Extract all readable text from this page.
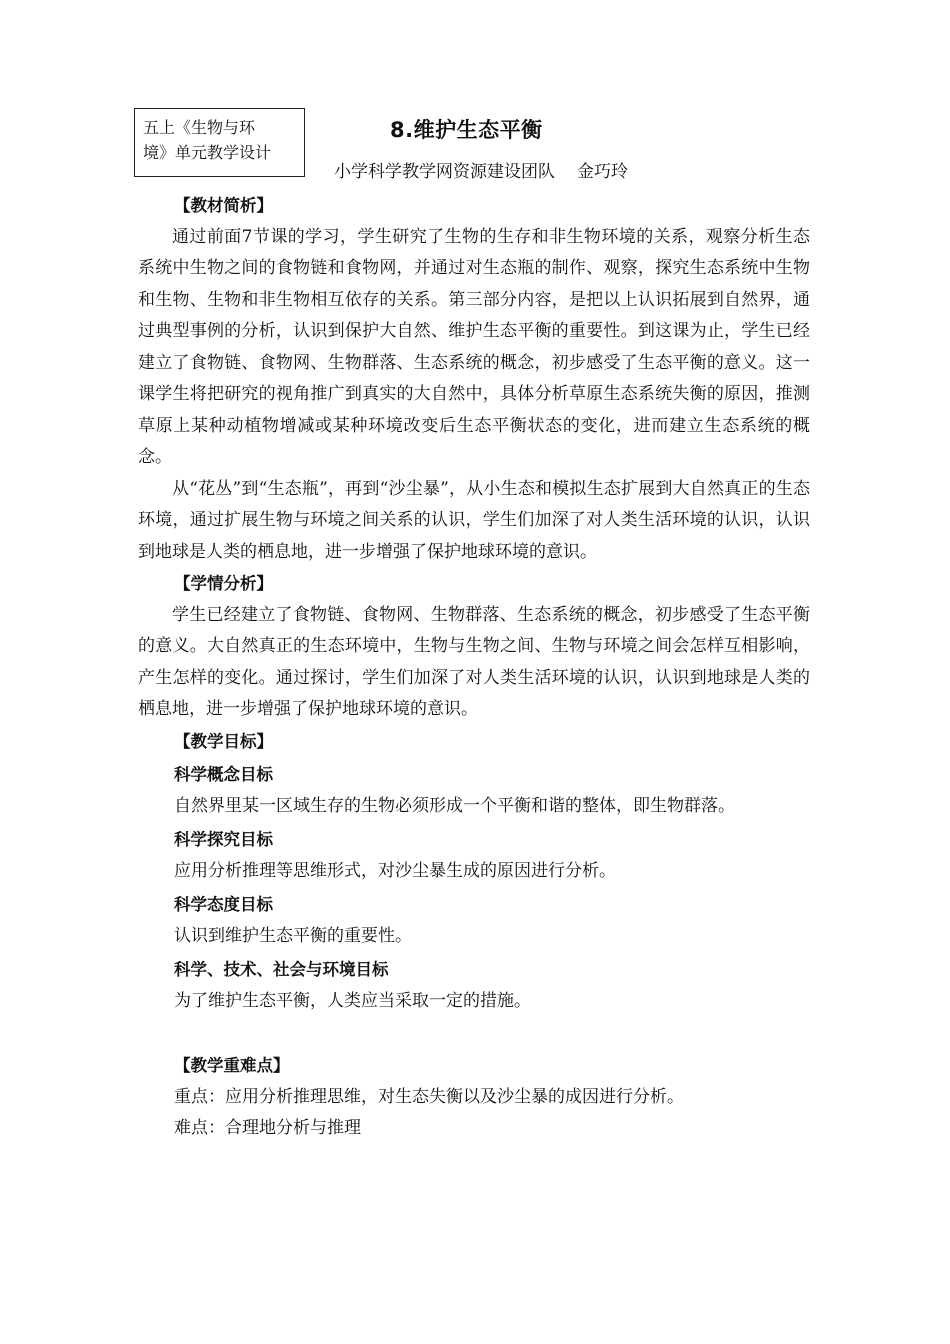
五上《生物与环
境》单元教学设计
8.维护生态平衡
小学科学教学网资源建设团队 金巧玲

【教材简析】

通过前面7节课的学习，学生研究了生物的生存和非生物环境的关系，观察分析生态系统中生物之间的食物链和食物网，并通过对生态瓶的制作、观察，探究生态系统中生物和生物、生物和非生物相互依存的关系。第三部分内容，是把以上认识拓展到自然界，通过典型事例的分析，认识到保护大自然、维护生态平衡的重要性。到这课为止，学生已经建立了食物链、食物网、生物群落、生态系统的概念，初步感受了生态平衡的意义。这一课学生将把研究的视角推广到真实的大自然中，具体分析草原生态系统失衡的原因，推测草原上某种动植物增减或某种环境改变后生态平衡状态的变化，进而建立生态系统的概念。

从“花丛”到“生态瓶”，再到“沙尘暴”，从小生态和模拟生态扩展到大自然真正的生态环境，通过扩展生物与环境之间关系的认识，学生们加深了对人类生活环境的认识，认识到地球是人类的栖息地，进一步增强了保护地球环境的意识。

【学情分析】

学生已经建立了食物链、食物网、生物群落、生态系统的概念，初步感受了生态平衡的意义。大自然真正的生态环境中，生物与生物之间、生物与环境之间会怎样互相影响，产生怎样的变化。通过探讨，学生们加深了对人类生活环境的认识，认识到地球是人类的栖息地，进一步增强了保护地球环境的意识。

【教学目标】

科学概念目标

自然界里某一区域生存的生物必须形成一个平衡和谐的整体，即生物群落。

科学探究目标

应用分析推理等思维形式，对沙尘暴生成的原因进行分析。

科学态度目标

认识到维护生态平衡的重要性。

科学、技术、社会与环境目标

为了维护生态平衡，人类应当采取一定的措施。

【教学重难点】

重点：应用分析推理思维，对生态失衡以及沙尘暴的成因进行分析。

难点：合理地分析与推理
